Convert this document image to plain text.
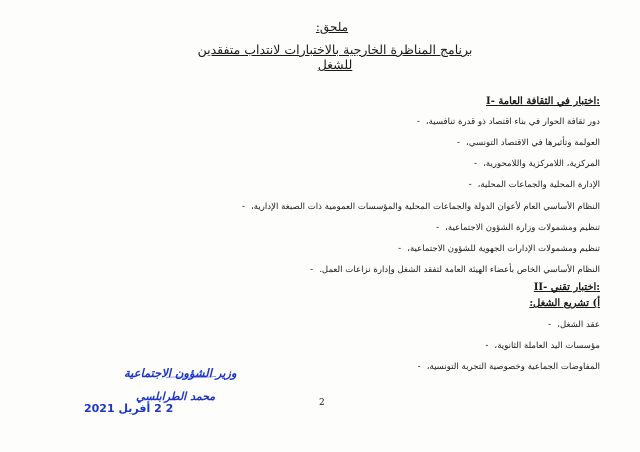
ملحق:
برنامج المناظرة الخارجية بالاختبارات لانتداب متفقدين للشغل
I- اختبار في الثقافة العامة:
- دور ثقافة الحوار في بناء اقتصاد ذو قدرة تنافسية،
- العولمة وتأثيرها في الاقتصاد التونسي،
- المركزية، اللامركزية واللامحورية،
- الإدارة المحلية والجماعات المحلية،
- النظام الأساسي العام لأعوان الدولة والجماعات المحلية والمؤسسات العمومية ذات الصبغة الإدارية،
- تنظيم ومشمولات وزارة الشؤون الاجتماعية،
- تنظيم ومشمولات الإدارات الجهوية للشؤون الاجتماعية،
- النظام الأساسي الخاص بأعضاء الهيئة العامة لتفقد الشغل وإدارة نزاعات العمل.
II- اختبار تقني:
أ) تشريع الشغل:
- عقد الشغل،
- مؤسسات اليد العاملة الثانوية،
- المفاوضات الجماعية وخصوصية التجربة التونسية،
2
وزير الشؤون الاجتماعية
محمد الطرابلسي
2 2 أفريل 2021
